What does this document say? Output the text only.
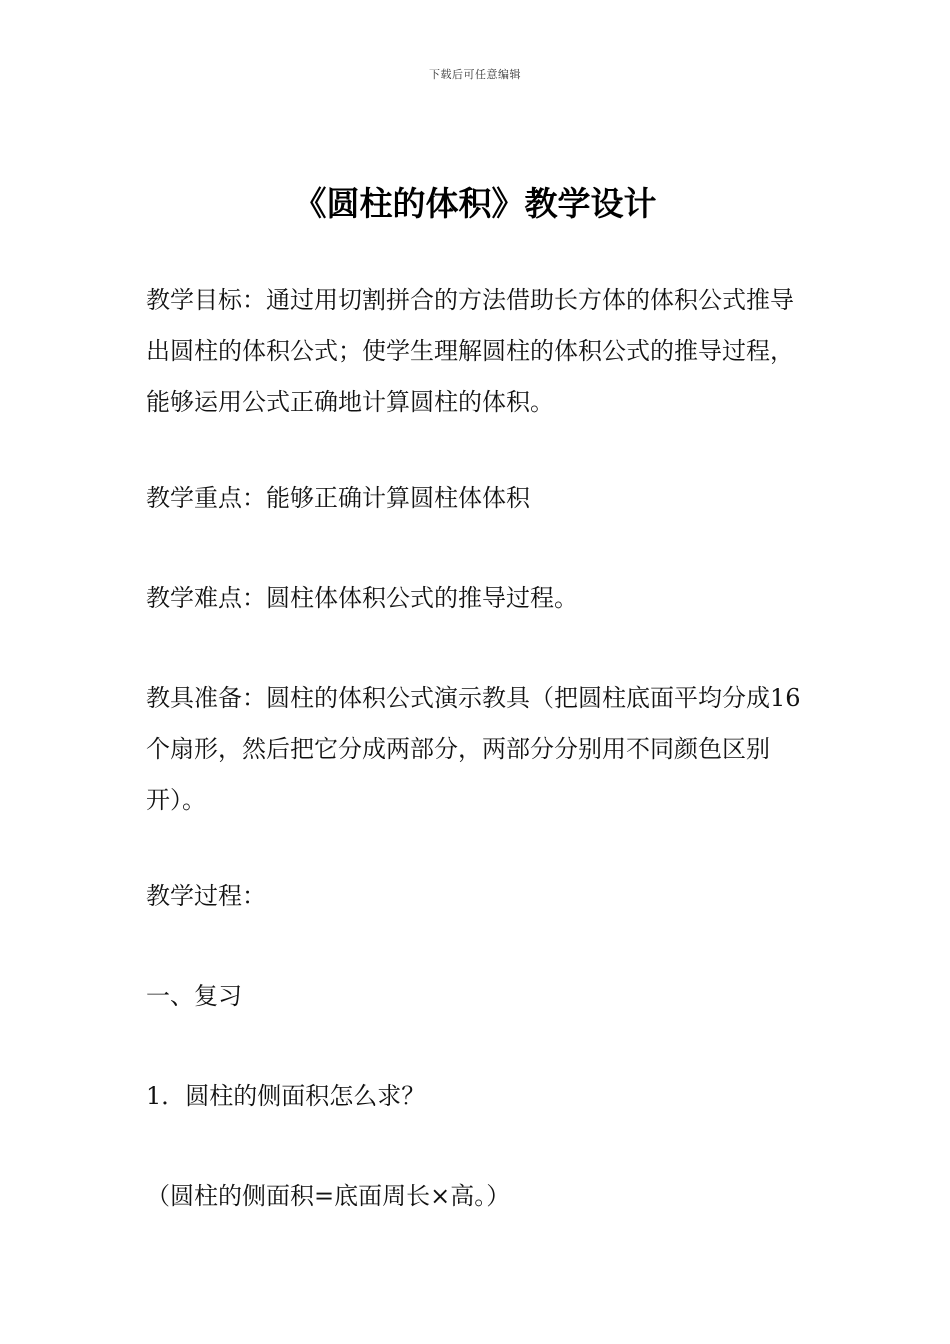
下载后可任意编辑
《圆柱的体积》教学设计

教学目标：通过用切割拼合的方法借助长方体的体积公式推导出圆柱的体积公式；使学生理解圆柱的体积公式的推导过程，能够运用公式正确地计算圆柱的体积。

教学重点：能够正确计算圆柱体体积

教学难点：圆柱体体积公式的推导过程。

教具准备：圆柱的体积公式演示教具（把圆柱底面平均分成16个扇形，然后把它分成两部分，两部分分别用不同颜色区别开）。

教学过程：

一、复习

1．圆柱的侧面积怎么求？

（圆柱的侧面积=底面周长×高。）
